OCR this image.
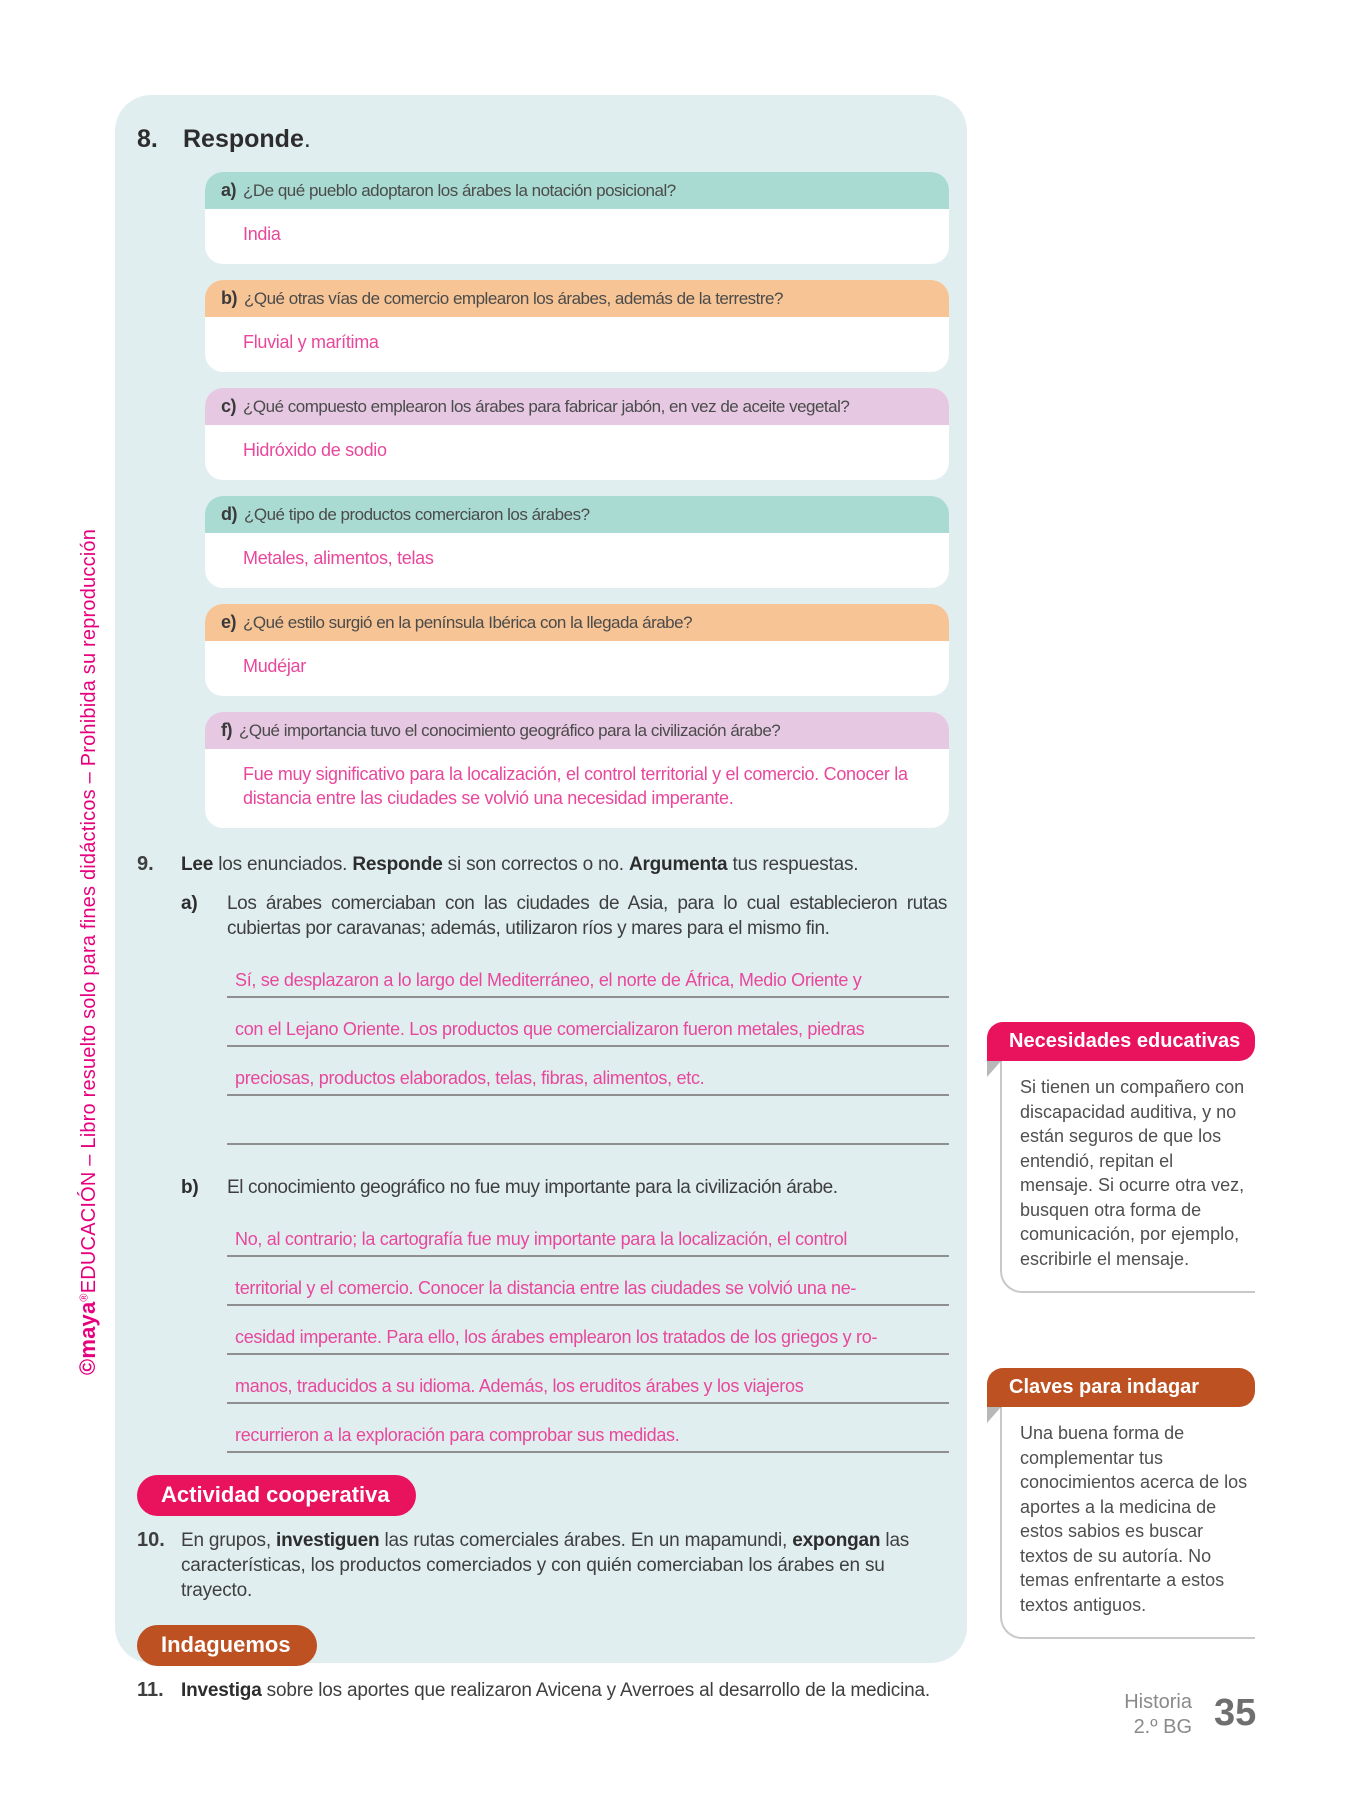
©maya®EDUCACIÓN – Libro resuelto solo para fines didácticos – Prohibida su reproducción
8.	Responde.
a) ¿De qué pueblo adoptaron los árabes la notación posicional?
India
b) ¿Qué otras vías de comercio emplearon los árabes, además de la terrestre?
Fluvial y marítima
c) ¿Qué compuesto emplearon los árabes para fabricar jabón, en vez de aceite vegetal?
Hidróxido de sodio
d) ¿Qué tipo de productos comerciaron los árabes?
Metales, alimentos, telas
e) ¿Qué estilo surgió en la península Ibérica con la llegada árabe?
Mudéjar
f) ¿Qué importancia tuvo el conocimiento geográfico para la civilización árabe?
Fue muy significativo para la localización, el control territorial y el comercio. Conocer la distancia entre las ciudades se volvió una necesidad imperante.
9.	Lee los enunciados. Responde si son correctos o no. Argumenta tus respuestas.
a)	Los árabes comerciaban con las ciudades de Asia, para lo cual establecieron rutas cubiertas por caravanas; además, utilizaron ríos y mares para el mismo fin.
Sí, se desplazaron a lo largo del Mediterráneo, el norte de África, Medio Oriente y
con el Lejano Oriente. Los productos que comercializaron fueron metales, piedras
preciosas, productos elaborados, telas, fibras, alimentos, etc.
b)	El conocimiento geográfico no fue muy importante para la civilización árabe.
No, al contrario; la cartografía fue muy importante para la localización, el control
territorial y el comercio. Conocer la distancia entre las ciudades se volvió una ne-
cesidad imperante. Para ello, los árabes emplearon los tratados de los griegos y ro-
manos, traducidos a su idioma. Además, los eruditos árabes y los viajeros
recurrieron a la exploración para comprobar sus medidas.
Actividad cooperativa
10. En grupos, investiguen las rutas comerciales árabes. En un mapamundi, expongan las características, los productos comerciados y con quién comerciaban los árabes en su trayecto.
Indaguemos
11. Investiga sobre los aportes que realizaron Avicena y Averroes al desarrollo de la medicina.
Necesidades educativas
Si tienen un compañero con discapacidad auditiva, y no están seguros de que los entendió, repitan el mensaje. Si ocurre otra vez, busquen otra forma de comunicación, por ejemplo, escribirle el mensaje.
Claves para indagar
Una buena forma de complementar tus conocimientos acerca de los aportes a la medicina de estos sabios es buscar textos de su autoría. No temas enfrentarte a estos textos antiguos.
Historia
2.º BG 35
